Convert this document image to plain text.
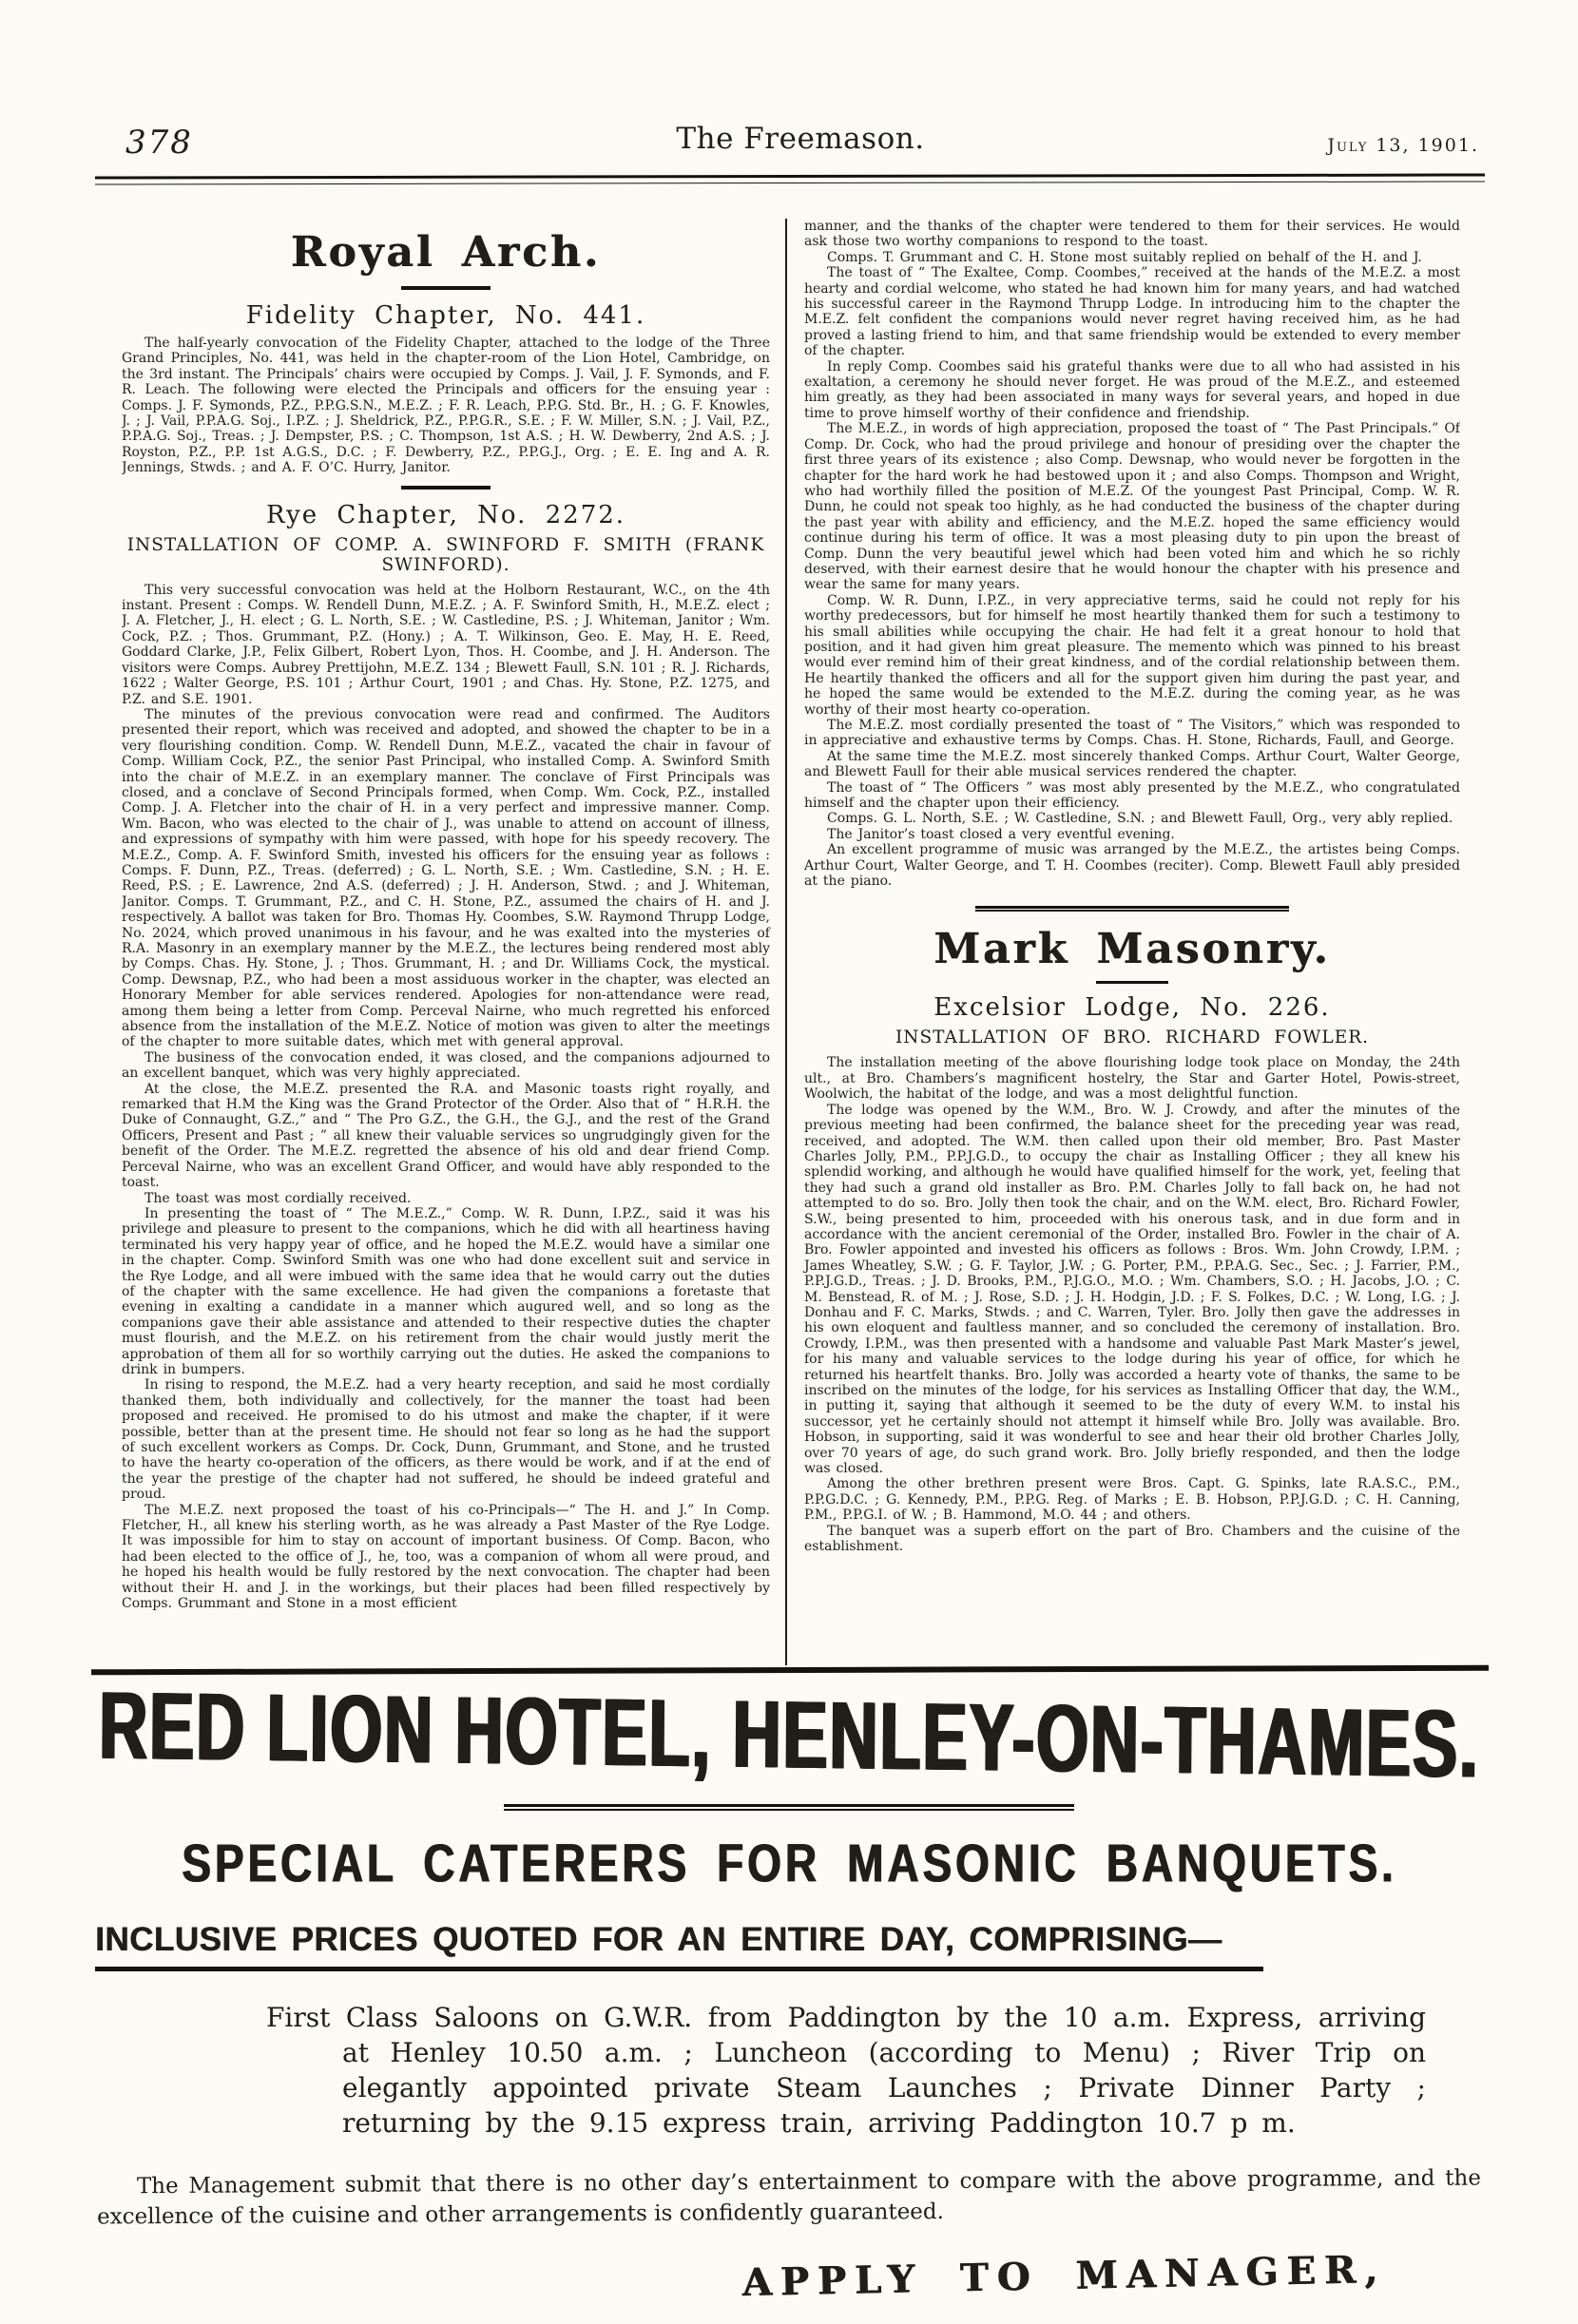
378	The Freemason.	July 13, 1901.
Royal Arch.
Fidelity Chapter, No. 441.

The half-yearly convocation of the Fidelity Chapter, attached to the lodge of the Three Grand Principles, No. 441, was held in the chapter-room of the Lion Hotel, Cambridge, on the 3rd instant. The Principals’ chairs were occupied by Comps. J. Vail, J. F. Symonds, and F. R. Leach. The following were elected the Principals and officers for the ensuing year : Comps. J. F. Symonds, P.Z., P.P.G.S.N., M.E.Z. ; F. R. Leach, P.P.G. Std. Br., H. ; G. F. Knowles, J. ; J. Vail, P.P.A.G. Soj., I.P.Z. ; J. Sheldrick, P.Z., P.P.G.R., S.E. ; F. W. Miller, S.N. ; J. Vail, P.Z., P.P.A.G. Soj., Treas. ; J. Dempster, P.S. ; C. Thompson, 1st A.S. ; H. W. Dewberry, 2nd A.S. ; J. Royston, P.Z., P.P. 1st A.G.S., D.C. ; F. Dewberry, P.Z., P.P.G.J., Org. ; E. E. Ing and A. R. Jennings, Stwds. ; and A. F. O’C. Hurry, Janitor.

Rye Chapter, No. 2272.
INSTALLATION OF COMP. A. SWINFORD F. SMITH (FRANK SWINFORD).

This very successful convocation was held at the Holborn Restaurant, W.C., on the 4th instant. Present : Comps. W. Rendell Dunn, M.E.Z. ; A. F. Swinford Smith, H., M.E.Z. elect ; J. A. Fletcher, J., H. elect ; G. L. North, S.E. ; W. Castledine, P.S. ; J. Whiteman, Janitor ; Wm. Cock, P.Z. ; Thos. Grummant, P.Z. (Hony.) ; A. T. Wilkinson, Geo. E. May, H. E. Reed, Goddard Clarke, J.P., Felix Gilbert, Robert Lyon, Thos. H. Coombe, and J. H. Anderson. The visitors were Comps. Aubrey Prettijohn, M.E.Z. 134 ; Blewett Faull, S.N. 101 ; R. J. Richards, 1622 ; Walter George, P.S. 101 ; Arthur Court, 1901 ; and Chas. Hy. Stone, P.Z. 1275, and P.Z. and S.E. 1901.

The minutes of the previous convocation were read and confirmed. The Auditors presented their report, which was received and adopted, and showed the chapter to be in a very flourishing condition. Comp. W. Rendell Dunn, M.E.Z., vacated the chair in favour of Comp. William Cock, P.Z., the senior Past Principal, who installed Comp. A. Swinford Smith into the chair of M.E.Z. in an exemplary manner. The conclave of First Principals was closed, and a conclave of Second Principals formed, when Comp. Wm. Cock, P.Z., installed Comp. J. A. Fletcher into the chair of H. in a very perfect and impressive manner. Comp. Wm. Bacon, who was elected to the chair of J., was unable to attend on account of illness, and expressions of sympathy with him were passed, with hope for his speedy recovery. The M.E.Z., Comp. A. F. Swinford Smith, invested his officers for the ensuing year as follows : Comps. F. Dunn, P.Z., Treas. (deferred) ; G. L. North, S.E. ; Wm. Castledine, S.N. ; H. E. Reed, P.S. ; E. Lawrence, 2nd A.S. (deferred) ; J. H. Anderson, Stwd. ; and J. Whiteman, Janitor. Comps. T. Grummant, P.Z., and C. H. Stone, P.Z., assumed the chairs of H. and J. respectively. A ballot was taken for Bro. Thomas Hy. Coombes, S.W. Raymond Thrupp Lodge, No. 2024, which proved unanimous in his favour, and he was exalted into the mysteries of R.A. Masonry in an exemplary manner by the M.E.Z., the lectures being rendered most ably by Comps. Chas. Hy. Stone, J. ; Thos. Grummant, H. ; and Dr. Williams Cock, the mystical. Comp. Dewsnap, P.Z., who had been a most assiduous worker in the chapter, was elected an Honorary Member for able services rendered. Apologies for non-attendance were read, among them being a letter from Comp. Perceval Nairne, who much regretted his enforced absence from the installation of the M.E.Z. Notice of motion was given to alter the meetings of the chapter to more suitable dates, which met with general approval.

The business of the convocation ended, it was closed, and the companions adjourned to an excellent banquet, which was very highly appreciated.

At the close, the M.E.Z. presented the R.A. and Masonic toasts right royally, and remarked that H.M the King was the Grand Protector of the Order. Also that of “ H.R.H. the Duke of Connaught, G.Z.,” and “ The Pro G.Z., the G.H., the G.J., and the rest of the Grand Officers, Present and Past ; ” all knew their valuable services so ungrudgingly given for the benefit of the Order. The M.E.Z. regretted the absence of his old and dear friend Comp. Perceval Nairne, who was an excellent Grand Officer, and would have ably responded to the toast.

The toast was most cordially received.

In presenting the toast of “ The M.E.Z.,” Comp. W. R. Dunn, I.P.Z., said it was his privilege and pleasure to present to the companions, which he did with all heartiness having terminated his very happy year of office, and he hoped the M.E.Z. would have a similar one in the chapter. Comp. Swinford Smith was one who had done excellent suit and service in the Rye Lodge, and all were imbued with the same idea that he would carry out the duties of the chapter with the same excellence. He had given the companions a foretaste that evening in exalting a candidate in a manner which augured well, and so long as the companions gave their able assistance and attended to their respective duties the chapter must flourish, and the M.E.Z. on his retirement from the chair would justly merit the approbation of them all for so worthily carrying out the duties. He asked the companions to drink in bumpers.

In rising to respond, the M.E.Z. had a very hearty reception, and said he most cordially thanked them, both individually and collectively, for the manner the toast had been proposed and received. He promised to do his utmost and make the chapter, if it were possible, better than at the present time. He should not fear so long as he had the support of such excellent workers as Comps. Dr. Cock, Dunn, Grummant, and Stone, and he trusted to have the hearty co-operation of the officers, as there would be work, and if at the end of the year the prestige of the chapter had not suffered, he should be indeed grateful and proud.

The M.E.Z. next proposed the toast of his co-Principals—“ The H. and J.” In Comp. Fletcher, H., all knew his sterling worth, as he was already a Past Master of the Rye Lodge. It was impossible for him to stay on account of important business. Of Comp. Bacon, who had been elected to the office of J., he, too, was a companion of whom all were proud, and he hoped his health would be fully restored by the next convocation. The chapter had been without their H. and J. in the workings, but their places had been filled respectively by Comps. Grummant and Stone in a most efficient

manner, and the thanks of the chapter were tendered to them for their services. He would ask those two worthy companions to respond to the toast.

Comps. T. Grummant and C. H. Stone most suitably replied on behalf of the H. and J.

The toast of “ The Exaltee, Comp. Coombes,” received at the hands of the M.E.Z. a most hearty and cordial welcome, who stated he had known him for many years, and had watched his successful career in the Raymond Thrupp Lodge. In introducing him to the chapter the M.E.Z. felt confident the companions would never regret having received him, as he had proved a lasting friend to him, and that same friendship would be extended to every member of the chapter.

In reply Comp. Coombes said his grateful thanks were due to all who had assisted in his exaltation, a ceremony he should never forget. He was proud of the M.E.Z., and esteemed him greatly, as they had been associated in many ways for several years, and hoped in due time to prove himself worthy of their confidence and friendship.

The M.E.Z., in words of high appreciation, proposed the toast of “ The Past Principals.” Of Comp. Dr. Cock, who had the proud privilege and honour of presiding over the chapter the first three years of its existence ; also Comp. Dewsnap, who would never be forgotten in the chapter for the hard work he had bestowed upon it ; and also Comps. Thompson and Wright, who had worthily filled the position of M.E.Z. Of the youngest Past Principal, Comp. W. R. Dunn, he could not speak too highly, as he had conducted the business of the chapter during the past year with ability and efficiency, and the M.E.Z. hoped the same efficiency would continue during his term of office. It was a most pleasing duty to pin upon the breast of Comp. Dunn the very beautiful jewel which had been voted him and which he so richly deserved, with their earnest desire that he would honour the chapter with his presence and wear the same for many years.

Comp. W. R. Dunn, I.P.Z., in very appreciative terms, said he could not reply for his worthy predecessors, but for himself he most heartily thanked them for such a testimony to his small abilities while occupying the chair. He had felt it a great honour to hold that position, and it had given him great pleasure. The memento which was pinned to his breast would ever remind him of their great kindness, and of the cordial relationship between them. He heartily thanked the officers and all for the support given him during the past year, and he hoped the same would be extended to the M.E.Z. during the coming year, as he was worthy of their most hearty co-operation.

The M.E.Z. most cordially presented the toast of “ The Visitors,” which was responded to in appreciative and exhaustive terms by Comps. Chas. H. Stone, Richards, Faull, and George.

At the same time the M.E.Z. most sincerely thanked Comps. Arthur Court, Walter George, and Blewett Faull for their able musical services rendered the chapter.

The toast of “ The Officers ” was most ably presented by the M.E.Z., who congratulated himself and the chapter upon their efficiency.

Comps. G. L. North, S.E. ; W. Castledine, S.N. ; and Blewett Faull, Org., very ably replied.

The Janitor’s toast closed a very eventful evening.

An excellent programme of music was arranged by the M.E.Z., the artistes being Comps. Arthur Court, Walter George, and T. H. Coombes (reciter). Comp. Blewett Faull ably presided at the piano.

Mark Masonry.
Excelsior Lodge, No. 226.
INSTALLATION OF BRO. RICHARD FOWLER.

The installation meeting of the above flourishing lodge took place on Monday, the 24th ult., at Bro. Chambers’s magnificent hostelry, the Star and Garter Hotel, Powis-street, Woolwich, the habitat of the lodge, and was a most delightful function.

The lodge was opened by the W.M., Bro. W. J. Crowdy, and after the minutes of the previous meeting had been confirmed, the balance sheet for the preceding year was read, received, and adopted. The W.M. then called upon their old member, Bro. Past Master Charles Jolly, P.M., P.P.J.G.D., to occupy the chair as Installing Officer ; they all knew his splendid working, and although he would have qualified himself for the work, yet, feeling that they had such a grand old installer as Bro. P.M. Charles Jolly to fall back on, he had not attempted to do so. Bro. Jolly then took the chair, and on the W.M. elect, Bro. Richard Fowler, S.W., being presented to him, proceeded with his onerous task, and in due form and in accordance with the ancient ceremonial of the Order, installed Bro. Fowler in the chair of A. Bro. Fowler appointed and invested his officers as follows : Bros. Wm. John Crowdy, I.P.M. ; James Wheatley, S.W. ; G. F. Taylor, J.W. ; G. Porter, P.M., P.P.A.G. Sec., Sec. ; J. Farrier, P.M., P.P.J.G.D., Treas. ; J. D. Brooks, P.M., P.J.G.O., M.O. ; Wm. Chambers, S.O. ; H. Jacobs, J.O. ; C. M. Benstead, R. of M. ; J. Rose, S.D. ; J. H. Hodgin, J.D. ; F. S. Folkes, D.C. ; W. Long, I.G. ; J. Donhau and F. C. Marks, Stwds. ; and C. Warren, Tyler. Bro. Jolly then gave the addresses in his own eloquent and faultless manner, and so concluded the ceremony of installation. Bro. Crowdy, I.P.M., was then presented with a handsome and valuable Past Mark Master’s jewel, for his many and valuable services to the lodge during his year of office, for which he returned his heartfelt thanks. Bro. Jolly was accorded a hearty vote of thanks, the same to be inscribed on the minutes of the lodge, for his services as Installing Officer that day, the W.M., in putting it, saying that although it seemed to be the duty of every W.M. to instal his successor, yet he certainly should not attempt it himself while Bro. Jolly was available. Bro. Hobson, in supporting, said it was wonderful to see and hear their old brother Charles Jolly, over 70 years of age, do such grand work. Bro. Jolly briefly responded, and then the lodge was closed.

Among the other brethren present were Bros. Capt. G. Spinks, late R.A.S.C., P.M., P.P.G.D.C. ; G. Kennedy, P.M., P.P.G. Reg. of Marks ; E. B. Hobson, P.P.J.G.D. ; C. H. Canning, P.M., P.P.G.I. of W. ; B. Hammond, M.O. 44 ; and others.

The banquet was a superb effort on the part of Bro. Chambers and the cuisine of the establishment.

RED LION HOTEL, HENLEY-ON-THAMES.
SPECIAL CATERERS FOR MASONIC BANQUETS.
INCLUSIVE PRICES QUOTED FOR AN ENTIRE DAY, COMPRISING—

First Class Saloons on G.W.R. from Paddington by the 10 a.m. Express, arriving at Henley 10.50 a.m. ; Luncheon (according to Menu) ; River Trip on elegantly appointed private Steam Launches ; Private Dinner Party ; returning by the 9.15 express train, arriving Paddington 10.7 p m.

The Management submit that there is no other day’s entertainment to compare with the above programme, and the excellence of the cuisine and other arrangements is confidently guaranteed.

APPLY TO MANAGER,
